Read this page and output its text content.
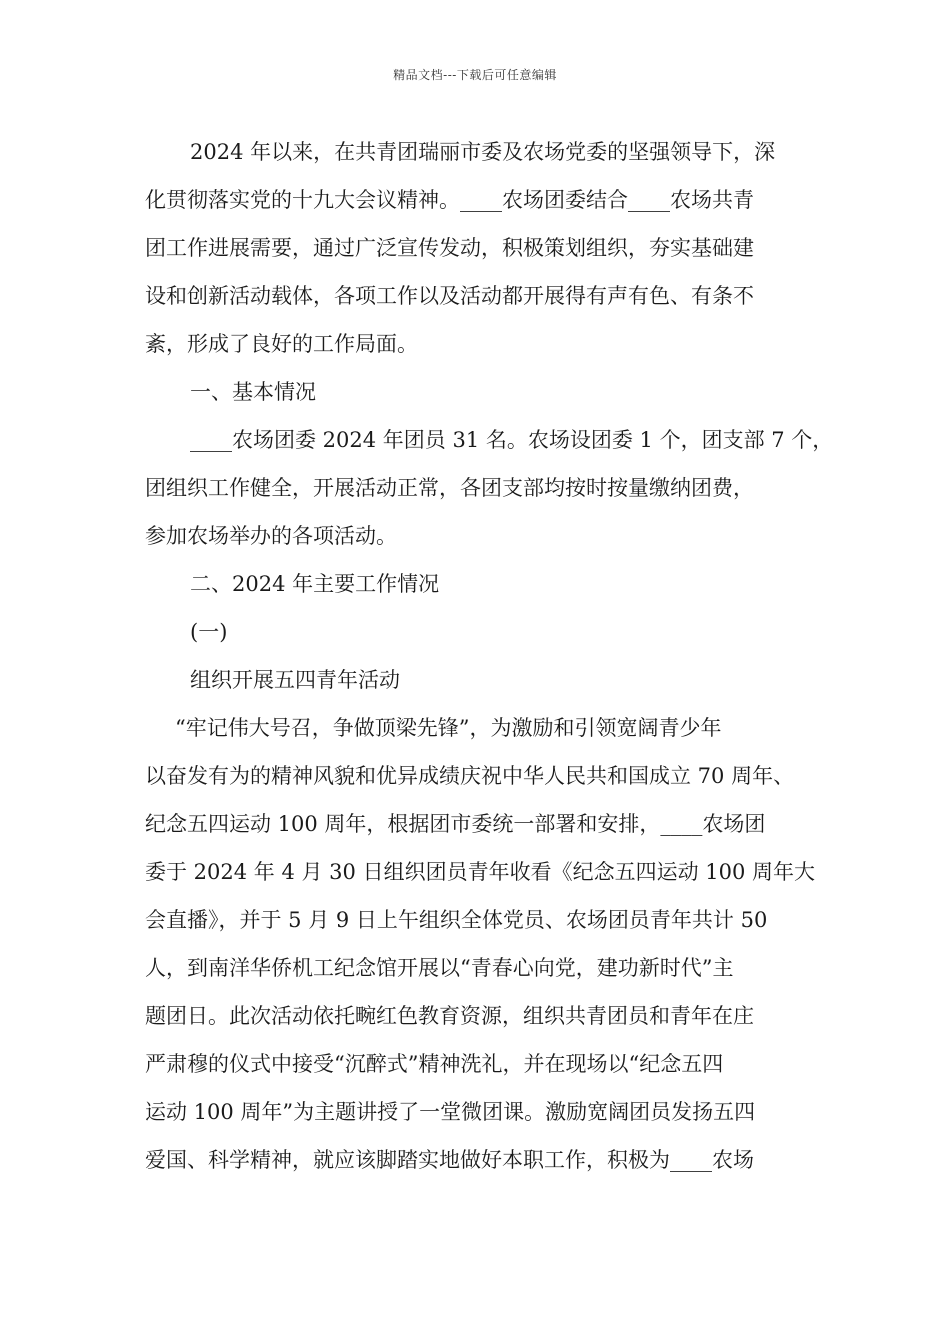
精品文档---下载后可任意编辑
2024 年以来，在共青团瑞丽市委及农场党委的坚强领导下，深
化贯彻落实党的十九大会议精神。____农场团委结合____农场共青
团工作进展需要，通过广泛宣传发动，积极策划组织，夯实基础建
设和创新活动载体，各项工作以及活动都开展得有声有色、有条不
紊，形成了良好的工作局面。
一、基本情况
____农场团委 2024 年团员 31 名。农场设团委 1 个，团支部 7 个，
团组织工作健全，开展活动正常，各团支部均按时按量缴纳团费，
参加农场举办的各项活动。
二、2024 年主要工作情况
(一)
组织开展五四青年活动
“牢记伟大号召，争做顶梁先锋”，为激励和引领宽阔青少年
以奋发有为的精神风貌和优异成绩庆祝中华人民共和国成立 70 周年、
纪念五四运动 100 周年，根据团市委统一部署和安排，____农场团
委于 2024 年 4 月 30 日组织团员青年收看《纪念五四运动 100 周年大
会直播》，并于 5 月 9 日上午组织全体党员、农场团员青年共计 50
人，到南洋华侨机工纪念馆开展以“青春心向党，建功新时代”主
题团日。此次活动依托畹红色教育资源，组织共青团员和青年在庄
严肃穆的仪式中接受“沉醉式”精神洗礼，并在现场以“纪念五四
运动 100 周年”为主题讲授了一堂微团课。激励宽阔团员发扬五四
爱国、科学精神，就应该脚踏实地做好本职工作，积极为____农场
